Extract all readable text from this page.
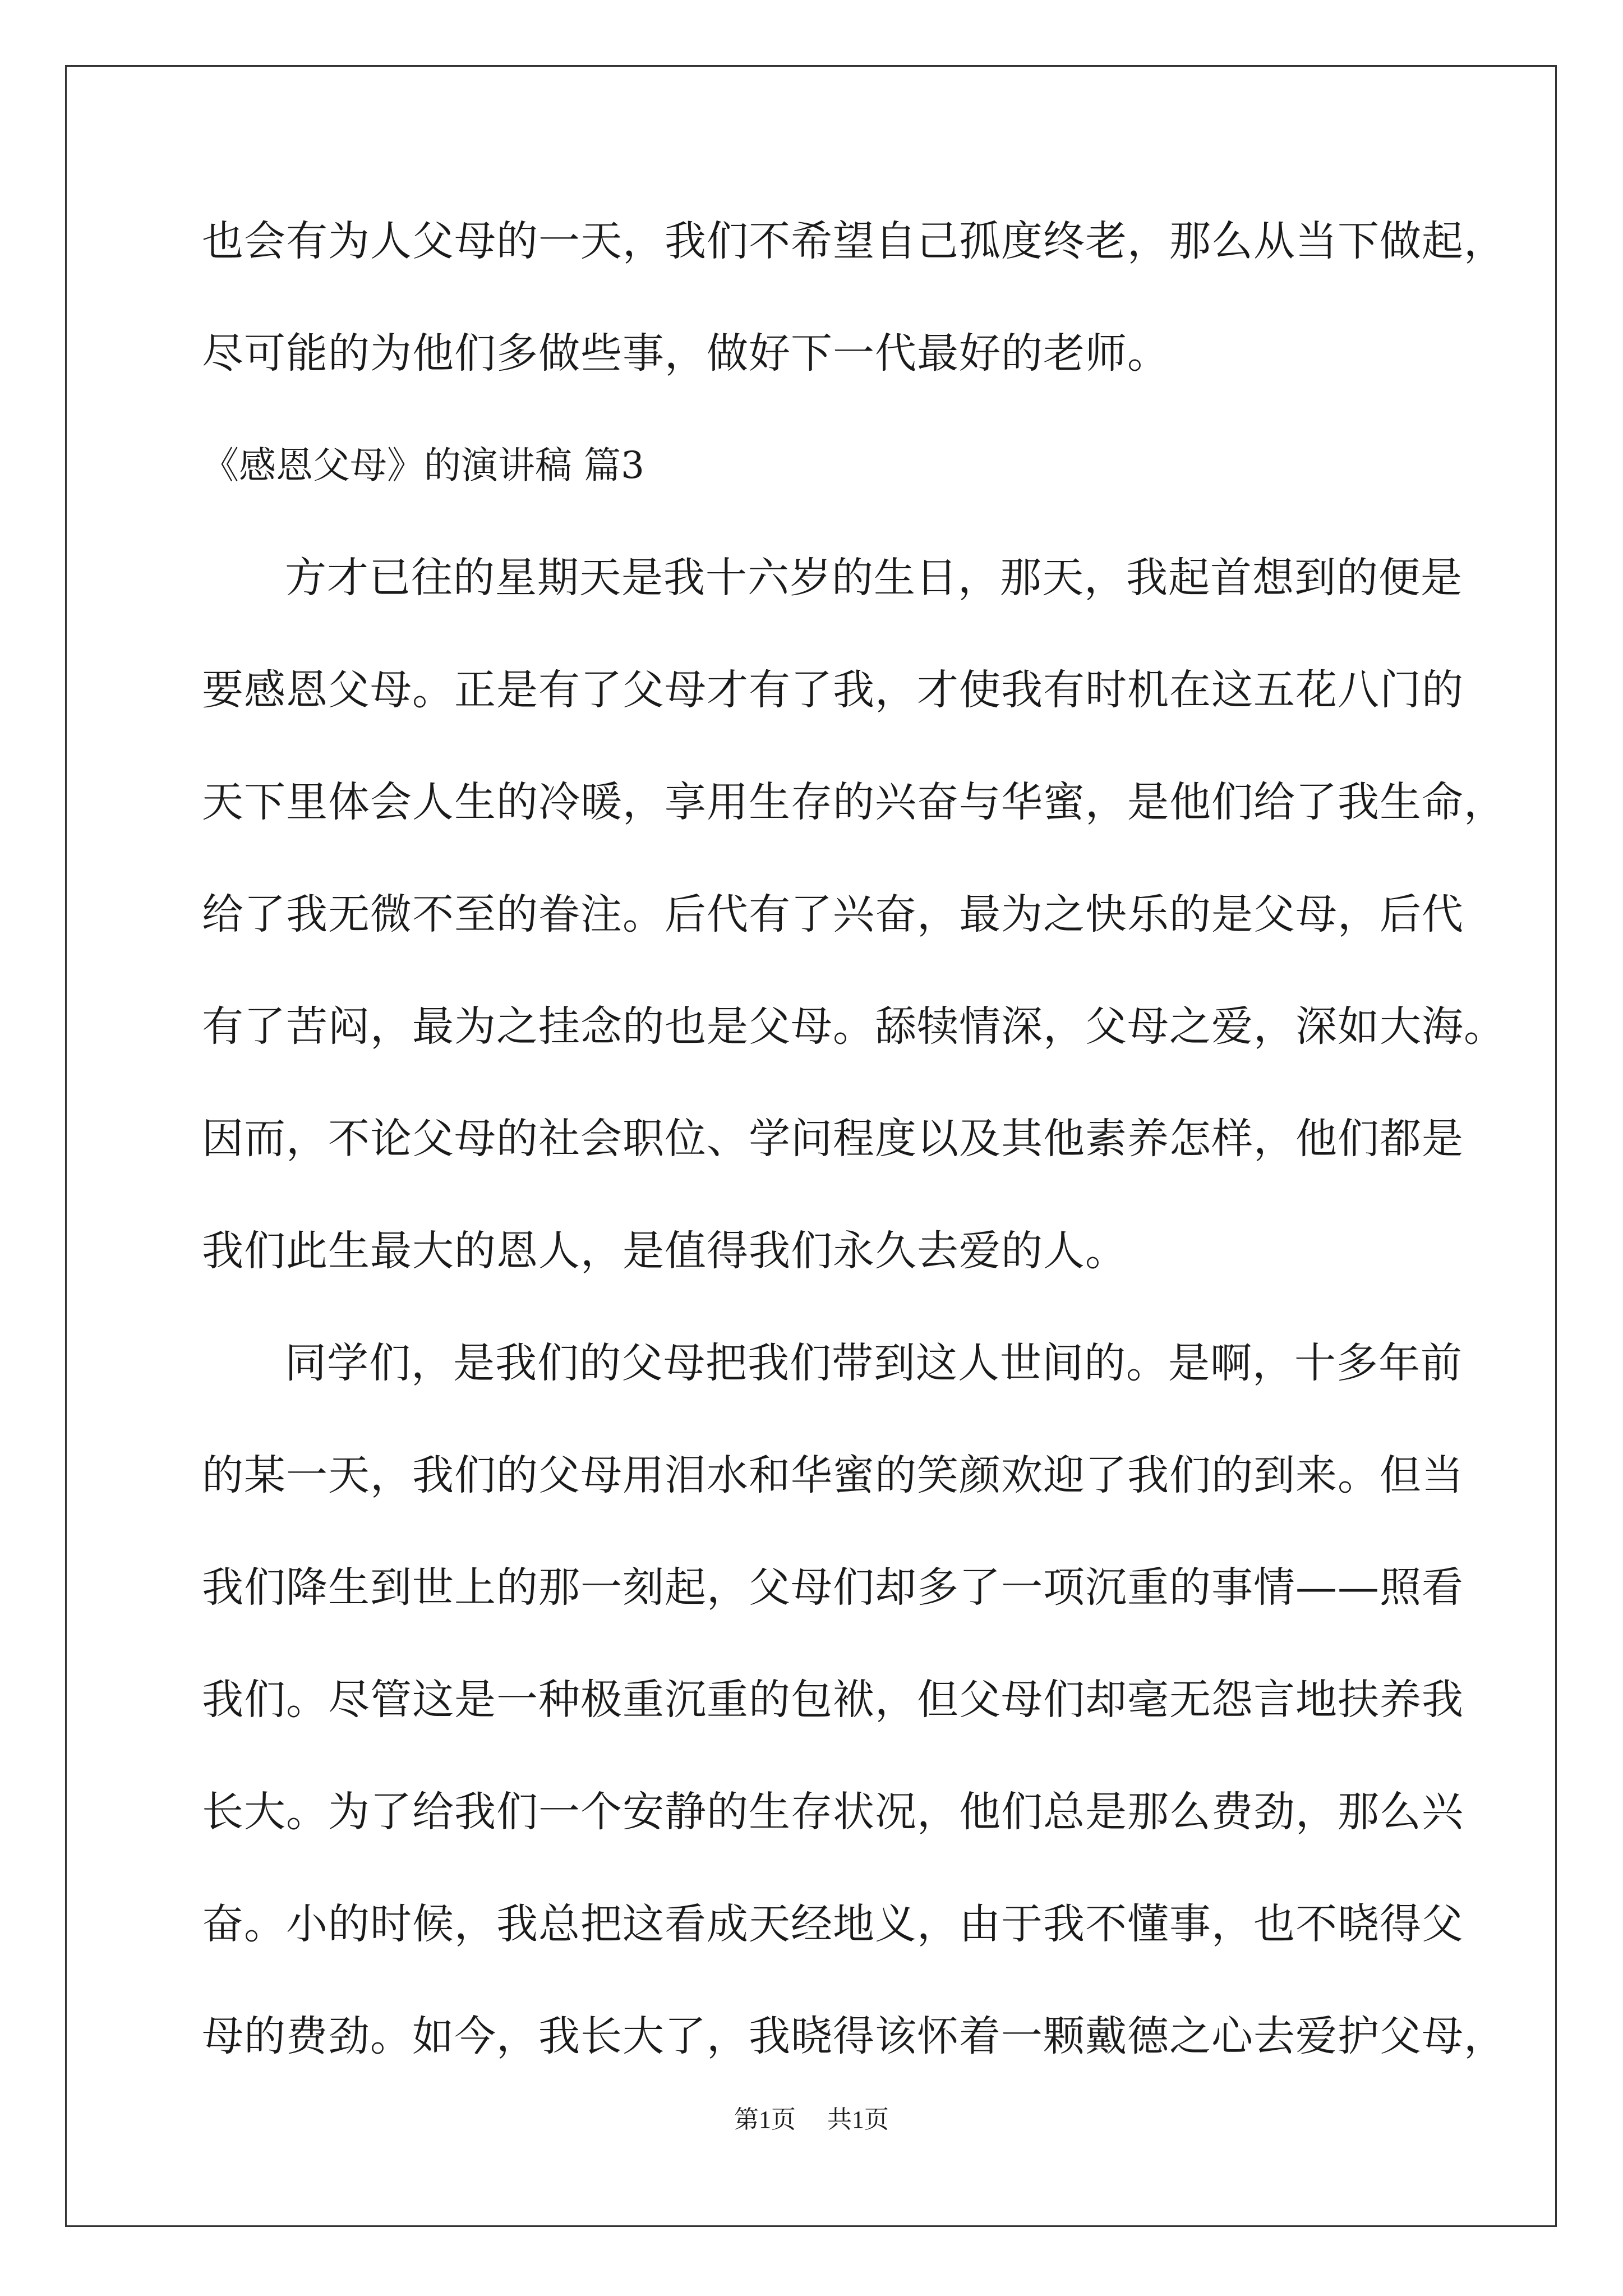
也会有为人父母的一天，我们不希望自己孤度终老，那么从当下做起，
尽可能的为他们多做些事，做好下一代最好的老师。
《感恩父母》的演讲稿 篇3
方才已往的星期天是我十六岁的生日，那天，我起首想到的便是
要感恩父母。正是有了父母才有了我，才使我有时机在这五花八门的
天下里体会人生的冷暖，享用生存的兴奋与华蜜，是他们给了我生命，
给了我无微不至的眷注。后代有了兴奋，最为之快乐的是父母，后代
有了苦闷，最为之挂念的也是父母。舔犊情深，父母之爱，深如大海。
因而，不论父母的社会职位、学问程度以及其他素养怎样，他们都是
我们此生最大的恩人，是值得我们永久去爱的人。
同学们，是我们的父母把我们带到这人世间的。是啊，十多年前
的某一天，我们的父母用泪水和华蜜的笑颜欢迎了我们的到来。但当
我们降生到世上的那一刻起，父母们却多了一项沉重的事情——照看
我们。尽管这是一种极重沉重的包袱，但父母们却毫无怨言地扶养我
长大。为了给我们一个安静的生存状况，他们总是那么费劲，那么兴
奋。小的时候，我总把这看成天经地义，由于我不懂事，也不晓得父
母的费劲。如今，我长大了，我晓得该怀着一颗戴德之心去爱护父母，
第1页 共1页
